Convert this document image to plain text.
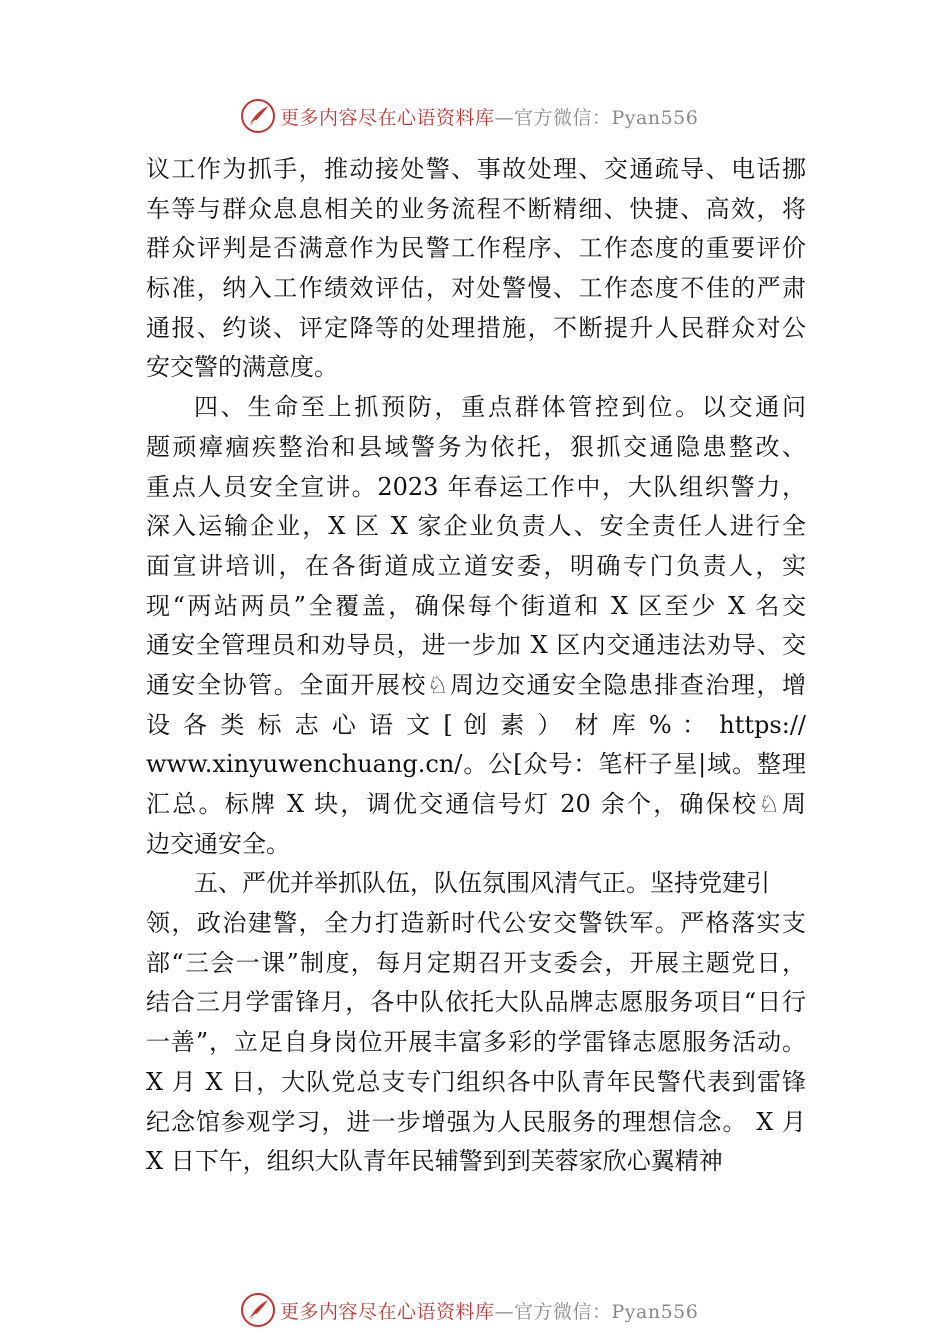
更多内容尽在心语资料库—官方微信：Pyan556
议工作为抓手，推动接处警、事故处理、交通疏导、电话挪
车等与群众息息相关的业务流程不断精细、快捷、高效，将
群众评判是否满意作为民警工作程序、工作态度的重要评价
标准，纳入工作绩效评估，对处警慢、工作态度不佳的严肃
通报、约谈、评定降等的处理措施，不断提升人民群众对公
安交警的满意度。
四、生命至上抓预防，重点群体管控到位。以交通问
题顽瘴痼疾整治和县域警务为依托，狠抓交通隐患整改、
重点人员安全宣讲。2023 年春运工作中，大队组织警力，
深入运输企业，X 区 X 家企业负责人、安全责任人进行全
面宣讲培训，在各街道成立道安委，明确专门负责人，实
现“两站两员”全覆盖，确保每个街道和 X 区至少 X 名交
通安全管理员和劝导员，进一步加 X 区内交通违法劝导、交
通安全协管。全面开展校♘周边交通安全隐患排查治理，增
设 各 类 标 志 心 语 文 [ 创 素 ） 材 库 % ： https://
www.xinyuwenchuang.cn/。公[众号：笔杆子星|域。整理
汇总。标牌 X 块，调优交通信号灯 20 余个，确保校♘周
边交通安全。
五、严优并举抓队伍，队伍氛围风清气正。坚持党建引
领，政治建警，全力打造新时代公安交警铁军。严格落实支
部“三会一课”制度，每月定期召开支委会，开展主题党日，
结合三月学雷锋月，各中队依托大队品牌志愿服务项目“日行
一善”，立足自身岗位开展丰富多彩的学雷锋志愿服务活动。
X 月 X 日，大队党总支专门组织各中队青年民警代表到雷锋
纪念馆参观学习，进一步增强为人民服务的理想信念。 X 月
X 日下午，组织大队青年民辅警到到芙蓉家欣心翼精神
更多内容尽在心语资料库—官方微信：Pyan556
